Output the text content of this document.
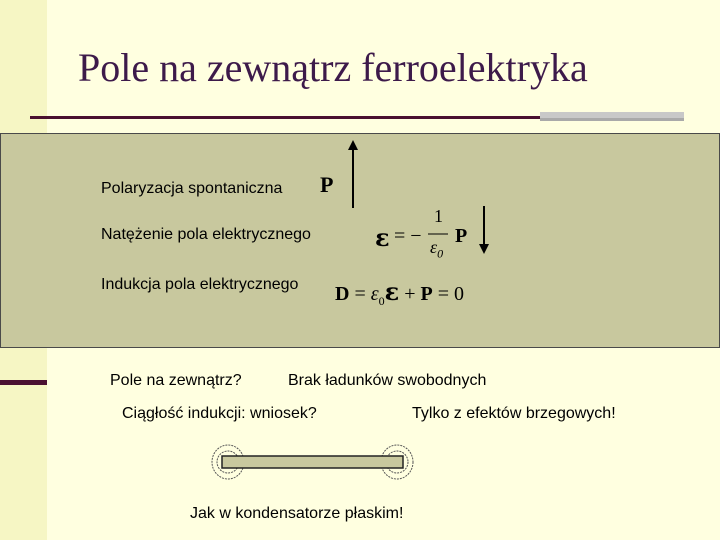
Pole na zewnątrz ferroelektryka
Polaryzacja spontaniczna P
Natężenie pola elektrycznego	ε = −
1
$\varepsilon_0$
P
Indukcja pola elektrycznego $D = \varepsilon_0\varepsilon + P = 0$
Pole na zewnątrz?	Brak ładunków swobodnych
Ciągłość indukcji: wniosek?	Tylko z efektów brzegowych!
Jak w kondensatorze płaskim!
